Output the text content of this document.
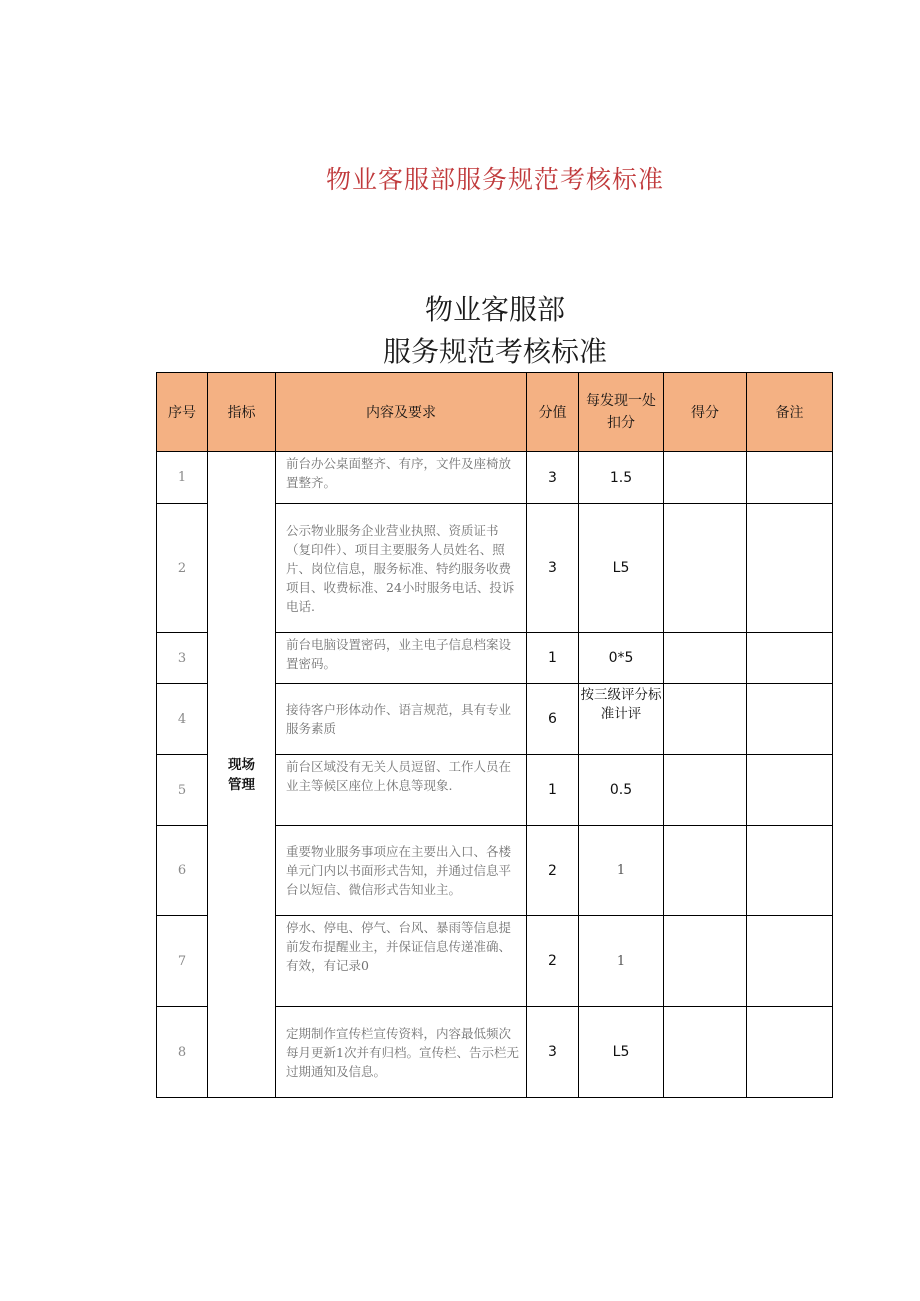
物业客服部服务规范考核标准
物业客服部
服务规范考核标准
序号	指标	内容及要求	分值	每发现一处扣分	得分	备注
1	现场管理	前台办公桌面整齐、有序，文件及座椅放置整齐。	3	1.5		
2		公示物业服务企业营业执照、资质证书（复印件）、项目主要服务人员姓名、照片、岗位信息，服务标准、特约服务收费项目、收费标准、24小时服务电话、投诉电话.	3	L5		
3		前台电脑设置密码，业主电子信息档案设置密码。	1	0*5		
4		接待客户形体动作、语言规范，具有专业服务素质	6	按三级评分标准计评		
5		前台区域没有无关人员逗留、工作人员在业主等候区座位上休息等现象.	1	0.5		
6		重要物业服务事项应在主要出入口、各楼单元门内以书面形式告知，并通过信息平台以短信、微信形式告知业主。	2	1		
7		停水、停电、停气、台风、暴雨等信息提前发布提醒业主，并保证信息传递准确、有效，有记录0	2	1		
8		定期制作宣传栏宣传资料，内容最低频次每月更新1次并有归档。宣传栏、告示栏无过期通知及信息。	3	L5		
